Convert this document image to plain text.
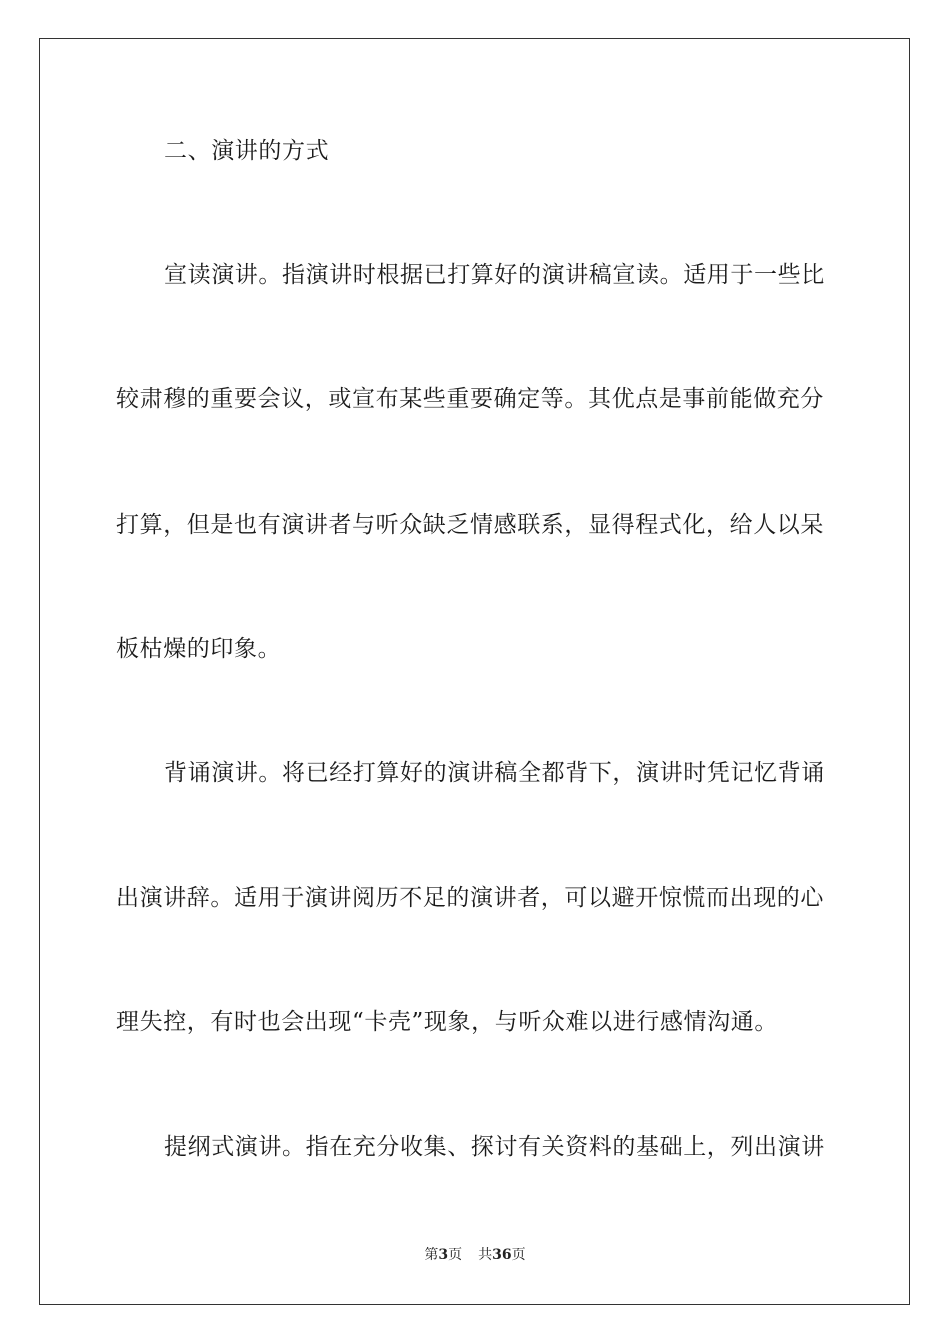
二、演讲的方式
宣读演讲。指演讲时根据已打算好的演讲稿宣读。适用于一些比
较肃穆的重要会议，或宣布某些重要确定等。其优点是事前能做充分
打算，但是也有演讲者与听众缺乏情感联系，显得程式化，给人以呆
板枯燥的印象。
背诵演讲。将已经打算好的演讲稿全都背下，演讲时凭记忆背诵
出演讲辞。适用于演讲阅历不足的演讲者，可以避开惊慌而出现的心
理失控，有时也会出现“卡壳”现象，与听众难以进行感情沟通。
提纲式演讲。指在充分收集、探讨有关资料的基础上，列出演讲
第3页 共36页
